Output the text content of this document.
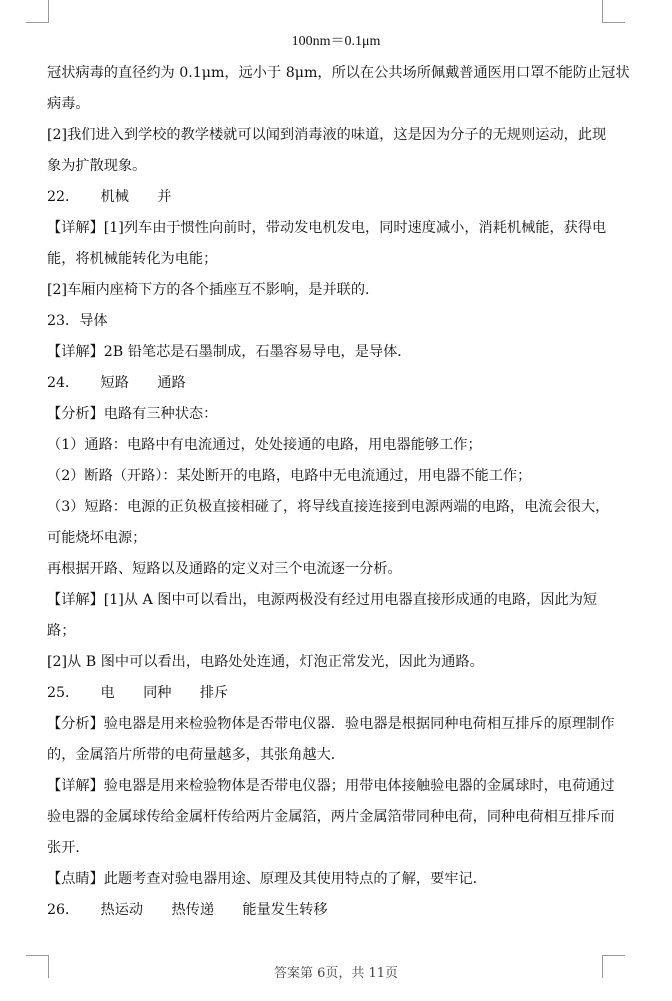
100nm＝0.1μm
冠状病毒的直径约为 0.1μm，远小于 8μm，所以在公共场所佩戴普通医用口罩不能防止冠状
病毒。
[2]我们进入到学校的教学楼就可以闻到消毒液的味道，这是因为分子的无规则运动，此现
象为扩散现象。
22．　　机械　　并
【详解】[1]列车由于惯性向前时，带动发电机发电，同时速度减小，消耗机械能，获得电
能，将机械能转化为电能；
[2]车厢内座椅下方的各个插座互不影响，是并联的．
23．导体
【详解】2B 铅笔芯是石墨制成，石墨容易导电，是导体．
24．　　短路　　通路
【分析】电路有三种状态：
（1）通路：电路中有电流通过，处处接通的电路，用电器能够工作；
（2）断路（开路）：某处断开的电路，电路中无电流通过，用电器不能工作；
（3）短路：电源的正负极直接相碰了，将导线直接连接到电源两端的电路，电流会很大，
可能烧坏电源；
再根据开路、短路以及通路的定义对三个电流逐一分析。
【详解】[1]从 A 图中可以看出，电源两极没有经过用电器直接形成通的电路，因此为短
路；
[2]从 B 图中可以看出，电路处处连通，灯泡正常发光，因此为通路。
25．　　电　　同种　　排斥
【分析】验电器是用来检验物体是否带电仪器．验电器是根据同种电荷相互排斥的原理制作
的，金属箔片所带的电荷量越多，其张角越大．
【详解】验电器是用来检验物体是否带电仪器；用带电体接触验电器的金属球时，电荷通过
验电器的金属球传给金属杆传给两片金属箔，两片金属箔带同种电荷，同种电荷相互排斥而
张开．
【点睛】此题考查对验电器用途、原理及其使用特点的了解，要牢记．
26．　　热运动　　热传递　　能量发生转移
答案第 6页，共 11页
